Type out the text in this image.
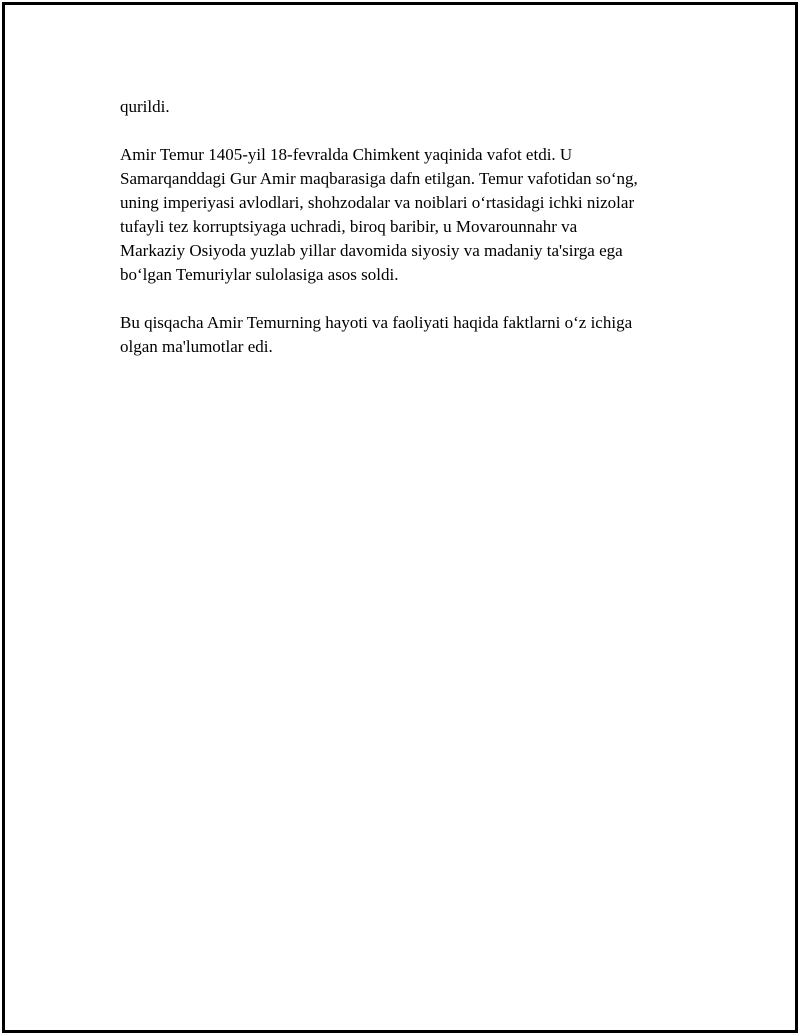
qurildi.

Amir Temur 1405-yil 18-fevralda Chimkent yaqinida vafot etdi. U
Samarqanddagi Gur Amir maqbarasiga dafn etilgan. Temur vafotidan so‘ng,
uning imperiyasi avlodlari, shohzodalar va noiblari o‘rtasidagi ichki nizolar
tufayli tez korruptsiyaga uchradi, biroq baribir, u Movarounnahr va
Markaziy Osiyoda yuzlab yillar davomida siyosiy va madaniy ta'sirga ega
bo‘lgan Temuriylar sulolasiga asos soldi.

Bu qisqacha Amir Temurning hayoti va faoliyati haqida faktlarni o‘z ichiga
olgan ma'lumotlar edi.
